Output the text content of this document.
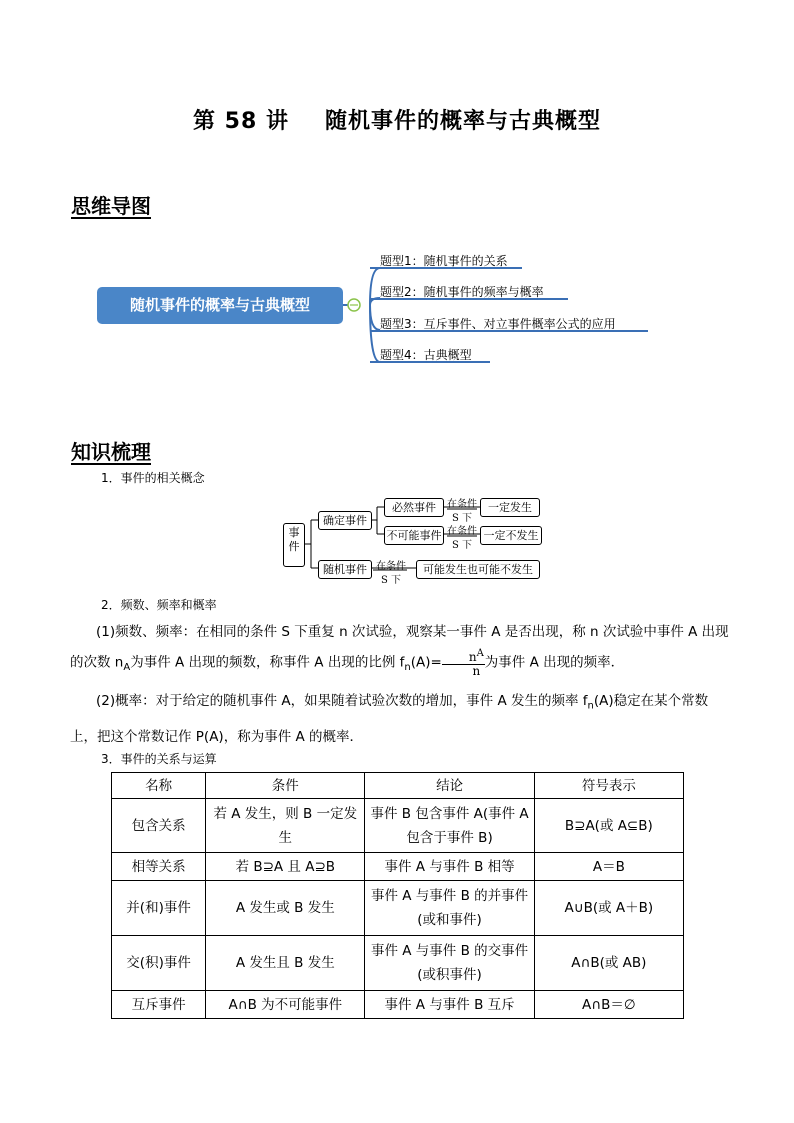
第 58 讲 随机事件的概率与古典概型
思维导图
随机事件的概率与古典概型
题型1：随机事件的关系
题型2：随机事件的频率与概率
题型3：互斥事件、对立事件概率公式的应用
题型4：古典概型
知识梳理
1．事件的相关概念
事件
确定事件
随机事件
必然事件
不可能事件
在条件
S 下
在条件
S 下
在条件
S 下
一定发生
一定不发生
可能发生也可能不发生
2．频数、频率和概率
(1)频数、频率：在相同的条件 S 下重复 n 次试验，观察某一事件 A 是否出现，称 n 次试验中事件 A 出现的次数 $n_A$为事件 A 出现的频数，称事件 A 出现的比例 $f_n(A)= \frac{n^A}{n}$ 为事件 A 出现的频率．
(2)概率：对于给定的随机事件 A，如果随着试验次数的增加，事件 A 发生的频率 $f_n(A)$稳定在某个常数上，把这个常数记作 P(A)，称为事件 A 的概率．
3．事件的关系与运算
名称	条件	结论	符号表示
包含关系	若 A 发生，则 B 一定发生	事件 B 包含事件 A(事件 A 包含于事件 B)	B⊇A(或 A⊆B)
相等关系	若 B⊇A 且 A⊇B	事件 A 与事件 B 相等	A＝B
并(和)事件	A 发生或 B 发生	事件 A 与事件 B 的并事件(或和事件)	A∪B(或 A＋B)
交(积)事件	A 发生且 B 发生	事件 A 与事件 B 的交事件(或积事件)	A∩B(或 AB)
互斥事件	A∩B 为不可能事件	事件 A 与事件 B 互斥	A∩B＝∅
